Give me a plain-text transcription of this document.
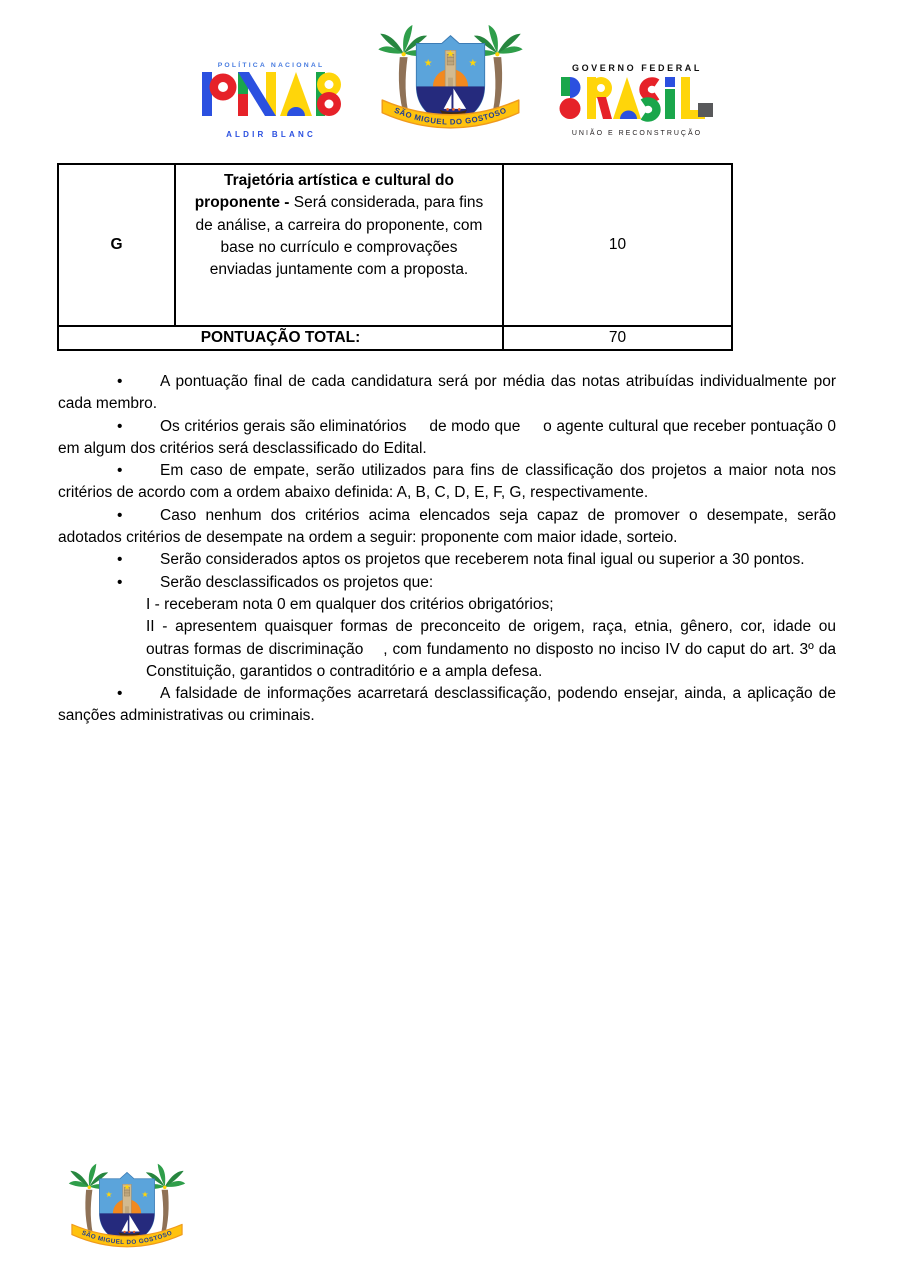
POLÍTICA NACIONAL
ALDIR BLANC
GOVERNO FEDERAL
UNIÃO E RECONSTRUÇÃO
G	Trajetória artística e cultural do proponente - Será́ considerada, para fins de análise, a carreira do proponente, com base no currículo e comprovações enviadas juntamente com a proposta.	10
PONTUAÇÃO TOTAL:		70

• A pontuação final de cada candidatura será por média das notas atribuídas individualmente por cada membro.

• Os critérios gerais são eliminatórios     de modo que     o agente cultural que receber pontuação 0 em algum dos critérios será desclassificado do Edital.

• Em caso de empate, serão utilizados para fins de classificação dos projetos a maior nota nos critérios de acordo com a ordem abaixo definida: A, B, C, D, E, F, G, respectivamente.

• Caso nenhum dos critérios acima elencados seja capaz de promover o desempate, serão adotados critérios de desempate na ordem a seguir: proponente com maior idade, sorteio.

• Serão considerados aptos os projetos que receberem nota final igual ou superior a 30 pontos.

• Serão desclassificados os projetos que:

I - receberam nota 0 em qualquer dos critérios obrigatórios;

II - apresentem quaisquer formas de preconceito de origem, raça, etnia, gênero, cor, idade ou outras formas de discriminação    , com fundamento no disposto no inciso IV do caput do art. 3º da Constituição, garantidos o contraditório e a ampla defesa.

• A falsidade de informações acarretará desclassificação, podendo ensejar, ainda, a aplicação de sanções administrativas ou criminais.
